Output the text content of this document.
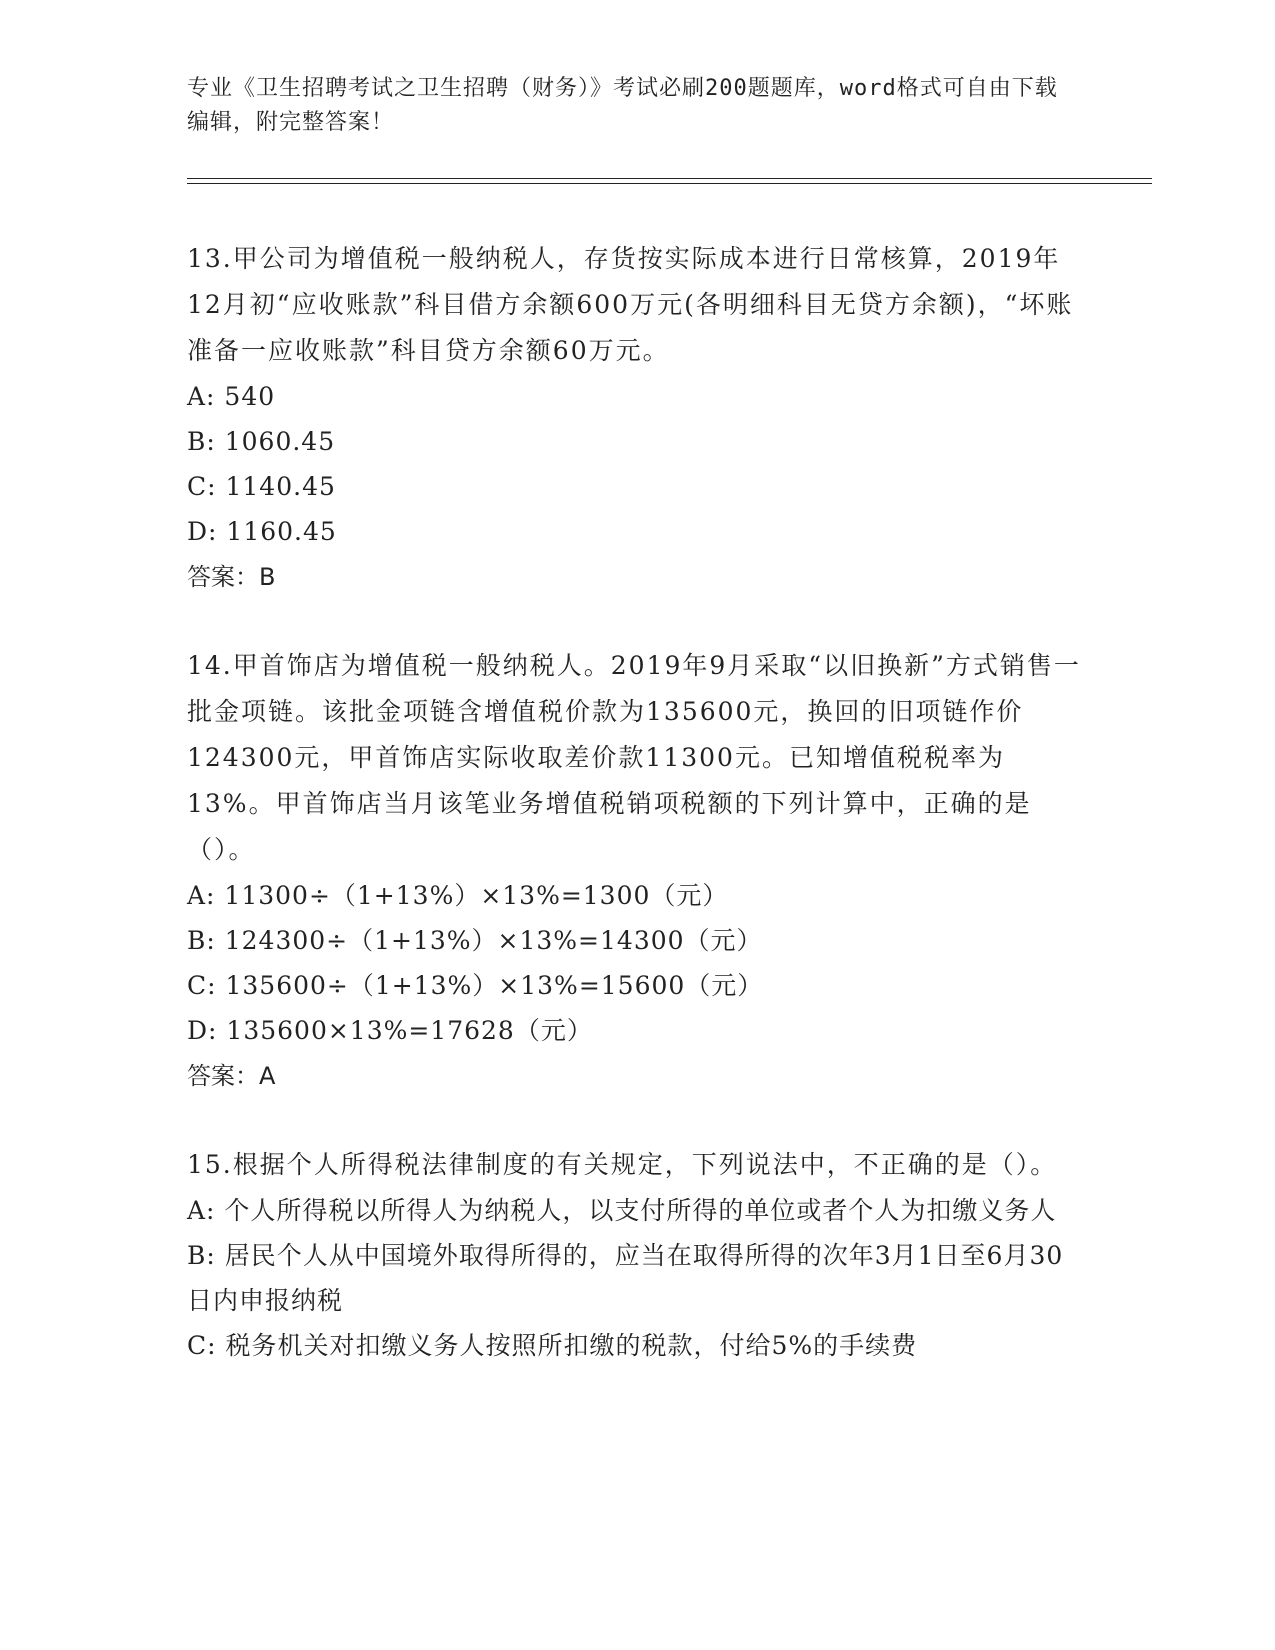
专业《卫生招聘考试之卫生招聘（财务）》考试必刷200题题库，word格式可自由下载编辑，附完整答案！

13.甲公司为增值税一般纳税人，存货按实际成本进行日常核算，2019年12月初“应收账款”科目借方余额600万元(各明细科目无贷方余额)，“坏账准备一应收账款”科目贷方余额60万元。

A: 540

B: 1060.45

C: 1140.45

D: 1160.45

答案：B

14.甲首饰店为增值税一般纳税人。2019年9月采取“以旧换新”方式销售一批金项链。该批金项链含增值税价款为135600元，换回的旧项链作价124300元，甲首饰店实际收取差价款11300元。已知增值税税率为13%。甲首饰店当月该笔业务增值税销项税额的下列计算中，正确的是（）。

A: 11300÷（1+13%）×13%=1300（元）

B: 124300÷（1+13%）×13%=14300（元）

C: 135600÷（1+13%）×13%=15600（元）

D: 135600×13%=17628（元）

答案：A

15.根据个人所得税法律制度的有关规定，下列说法中，不正确的是（）。

A: 个人所得税以所得人为纳税人，以支付所得的单位或者个人为扣缴义务人

B: 居民个人从中国境外取得所得的，应当在取得所得的次年3月1日至6月30日内申报纳税

C: 税务机关对扣缴义务人按照所扣缴的税款，付给5%的手续费
